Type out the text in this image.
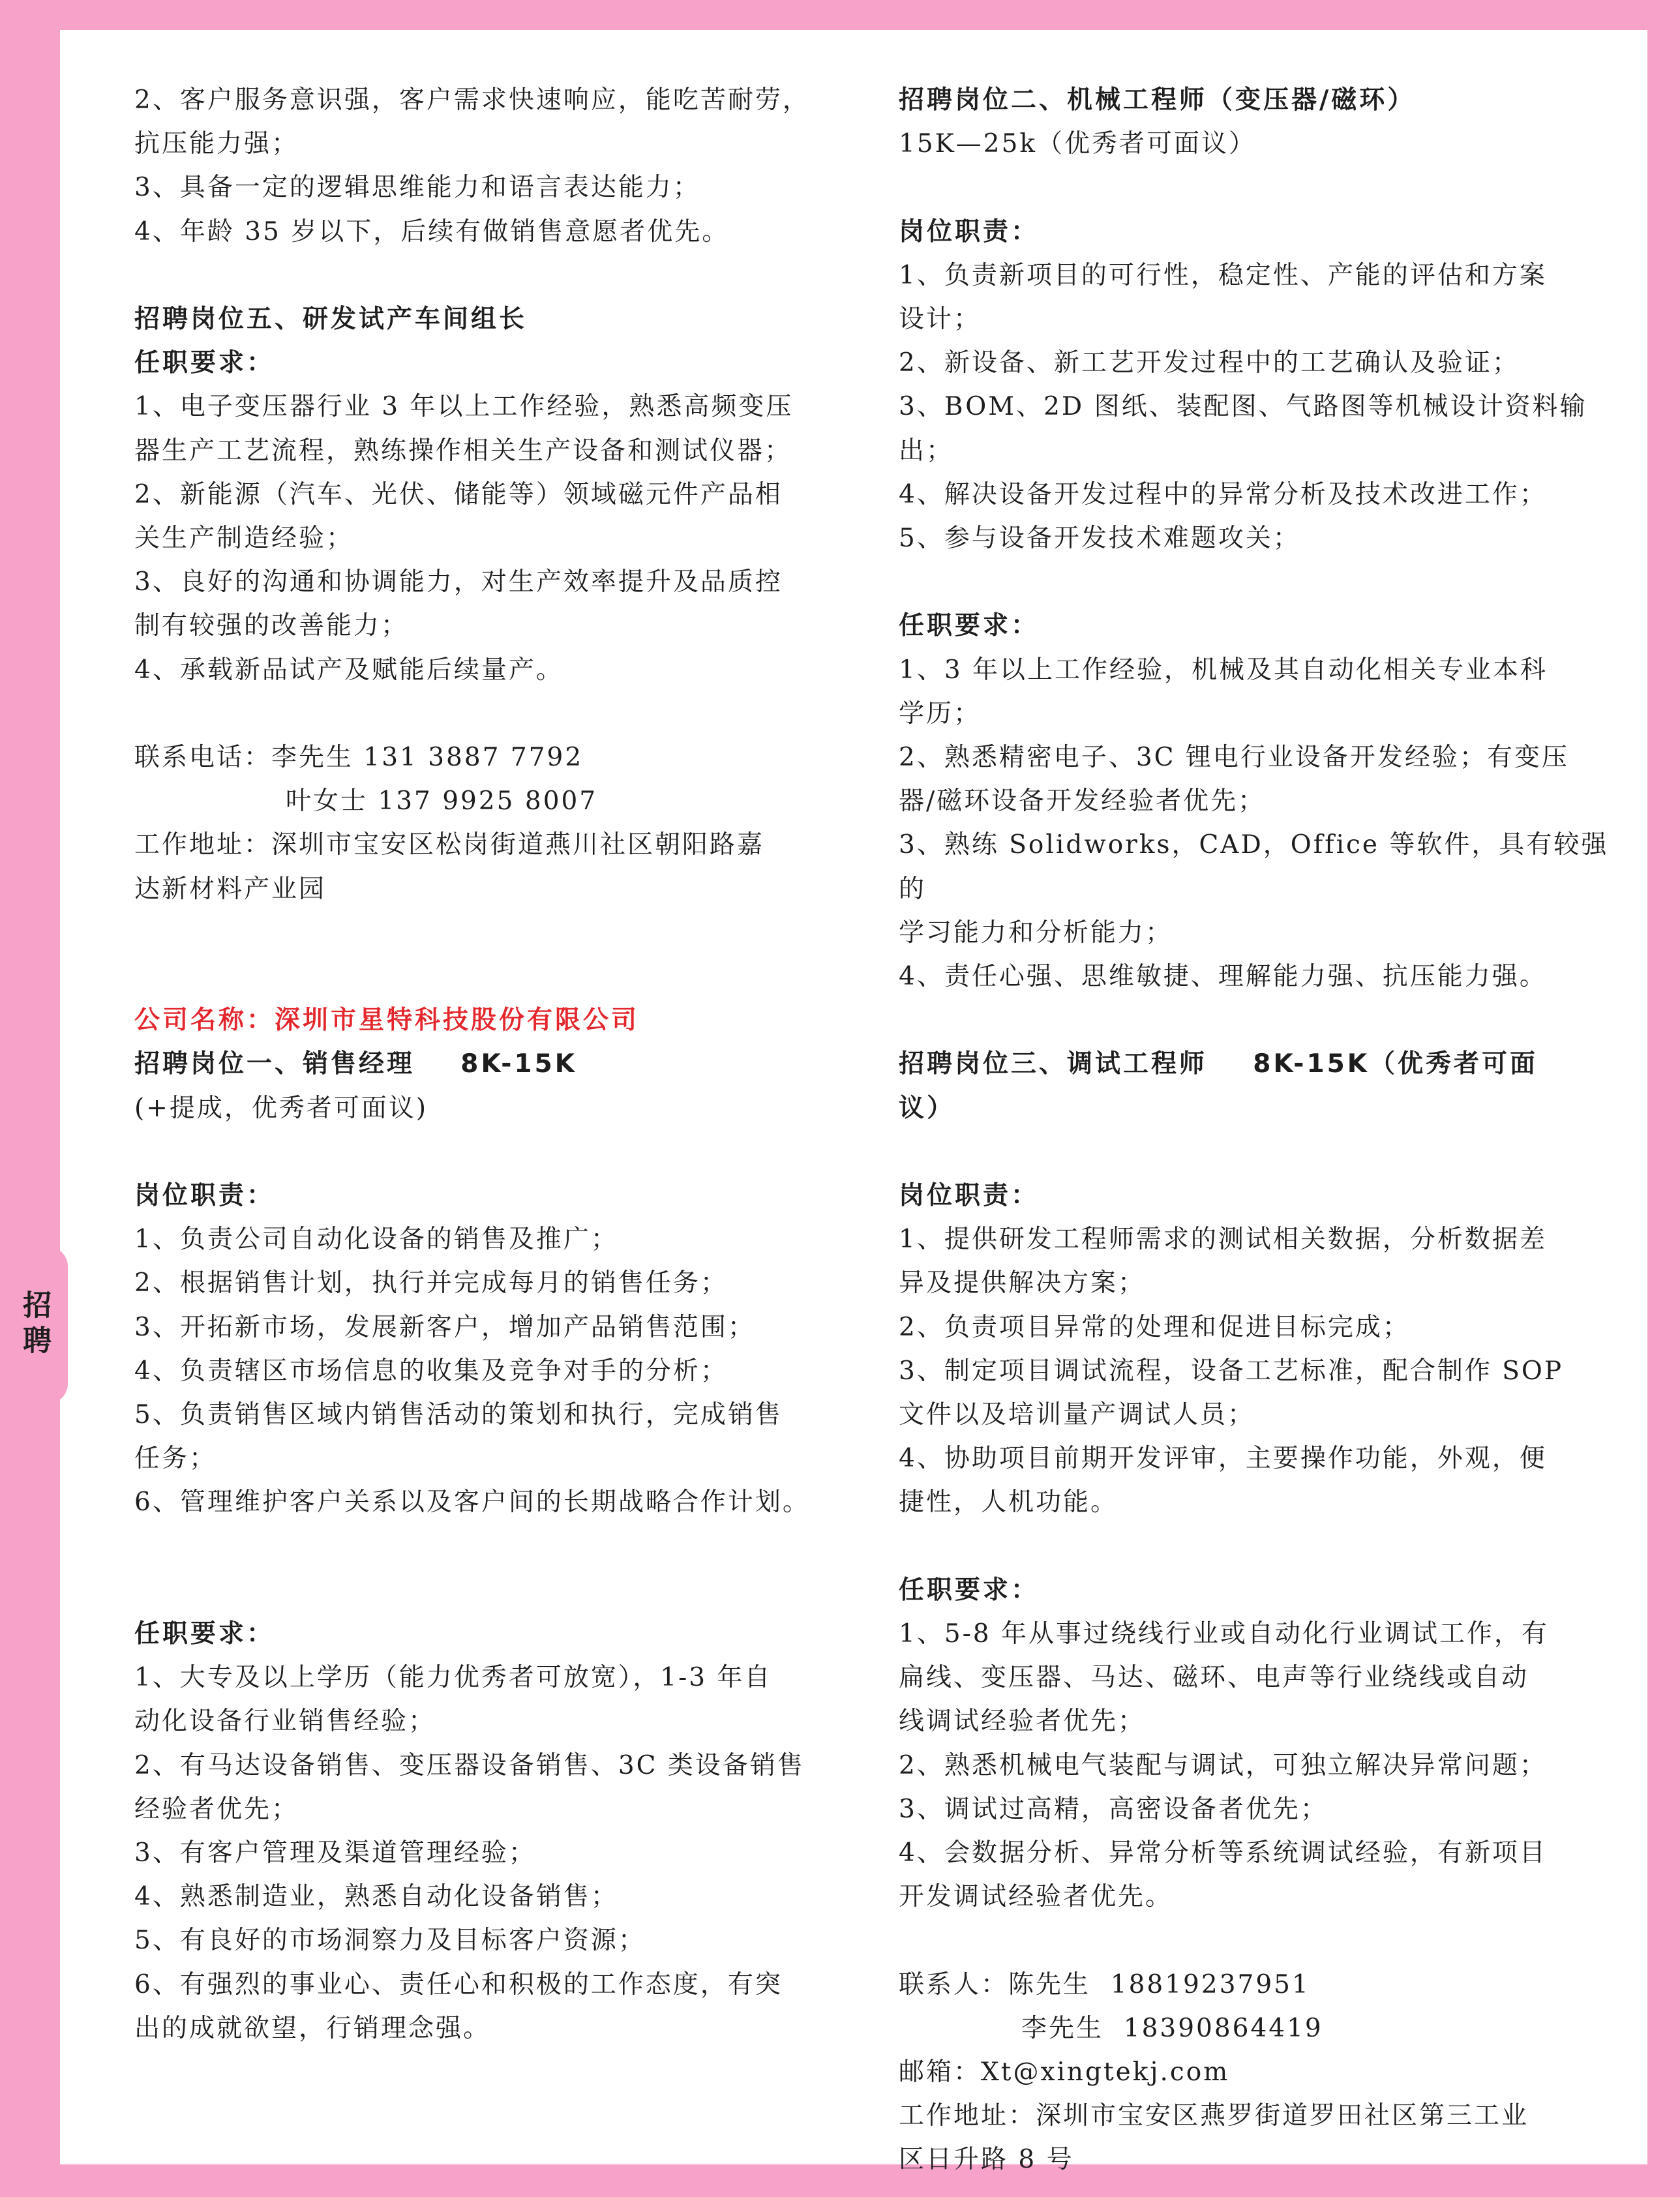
招聘
2、客户服务意识强，客户需求快速响应，能吃苦耐劳，
抗压能力强；
3、具备一定的逻辑思维能力和语言表达能力；
4、年龄 35 岁以下，后续有做销售意愿者优先。
招聘岗位五、研发试产车间组长
任职要求：
1、电子变压器行业 3 年以上工作经验，熟悉高频变压
器生产工艺流程，熟练操作相关生产设备和测试仪器；
2、新能源（汽车、光伏、储能等）领域磁元件产品相
关生产制造经验；
3、良好的沟通和协调能力，对生产效率提升及品质控
制有较强的改善能力；
4、承载新品试产及赋能后续量产。
联系电话：李先生 131 3887 7792
叶女士 137 9925 8007
工作地址：深圳市宝安区松岗街道燕川社区朝阳路嘉
达新材料产业园
公司名称：深圳市星特科技股份有限公司
招聘岗位一、销售经理    8K-15K
(+提成，优秀者可面议)
岗位职责：
1、负责公司自动化设备的销售及推广；
2、根据销售计划，执行并完成每月的销售任务；
3、开拓新市场，发展新客户，增加产品销售范围；
4、负责辖区市场信息的收集及竞争对手的分析；
5、负责销售区域内销售活动的策划和执行，完成销售
任务；
6、管理维护客户关系以及客户间的长期战略合作计划。
任职要求：
1、大专及以上学历（能力优秀者可放宽），1-3 年自
动化设备行业销售经验；
2、有马达设备销售、变压器设备销售、3C 类设备销售
经验者优先；
3、有客户管理及渠道管理经验；
4、熟悉制造业，熟悉自动化设备销售；
5、有良好的市场洞察力及目标客户资源；
6、有强烈的事业心、责任心和积极的工作态度，有突
出的成就欲望，行销理念强。
招聘岗位二、机械工程师（变压器/磁环）
15K—25k（优秀者可面议）
岗位职责：
1、负责新项目的可行性，稳定性、产能的评估和方案
设计；
2、新设备、新工艺开发过程中的工艺确认及验证；
3、BOM、2D 图纸、装配图、气路图等机械设计资料输
出；
4、解决设备开发过程中的异常分析及技术改进工作；
5、参与设备开发技术难题攻关；
任职要求：
1、3 年以上工作经验，机械及其自动化相关专业本科
学历；
2、熟悉精密电子、3C 锂电行业设备开发经验；有变压
器/磁环设备开发经验者优先；
3、熟练 Solidworks，CAD，Office 等软件，具有较强的
学习能力和分析能力；
4、责任心强、思维敏捷、理解能力强、抗压能力强。
招聘岗位三、调试工程师    8K-15K（优秀者可面
议）
岗位职责：
1、提供研发工程师需求的测试相关数据，分析数据差
异及提供解决方案；
2、负责项目异常的处理和促进目标完成；
3、制定项目调试流程，设备工艺标准，配合制作 SOP
文件以及培训量产调试人员；
4、协助项目前期开发评审，主要操作功能，外观，便
捷性，人机功能。
任职要求：
1、5-8 年从事过绕线行业或自动化行业调试工作，有
扁线、变压器、马达、磁环、电声等行业绕线或自动
线调试经验者优先；
2、熟悉机械电气装配与调试，可独立解决异常问题；
3、调试过高精，高密设备者优先；
4、会数据分析、异常分析等系统调试经验，有新项目
开发调试经验者优先。
联系人：陈先生  18819237951
李先生  18390864419
邮箱：Xt@xingtekj.com
工作地址：深圳市宝安区燕罗街道罗田社区第三工业
区日升路 8 号
